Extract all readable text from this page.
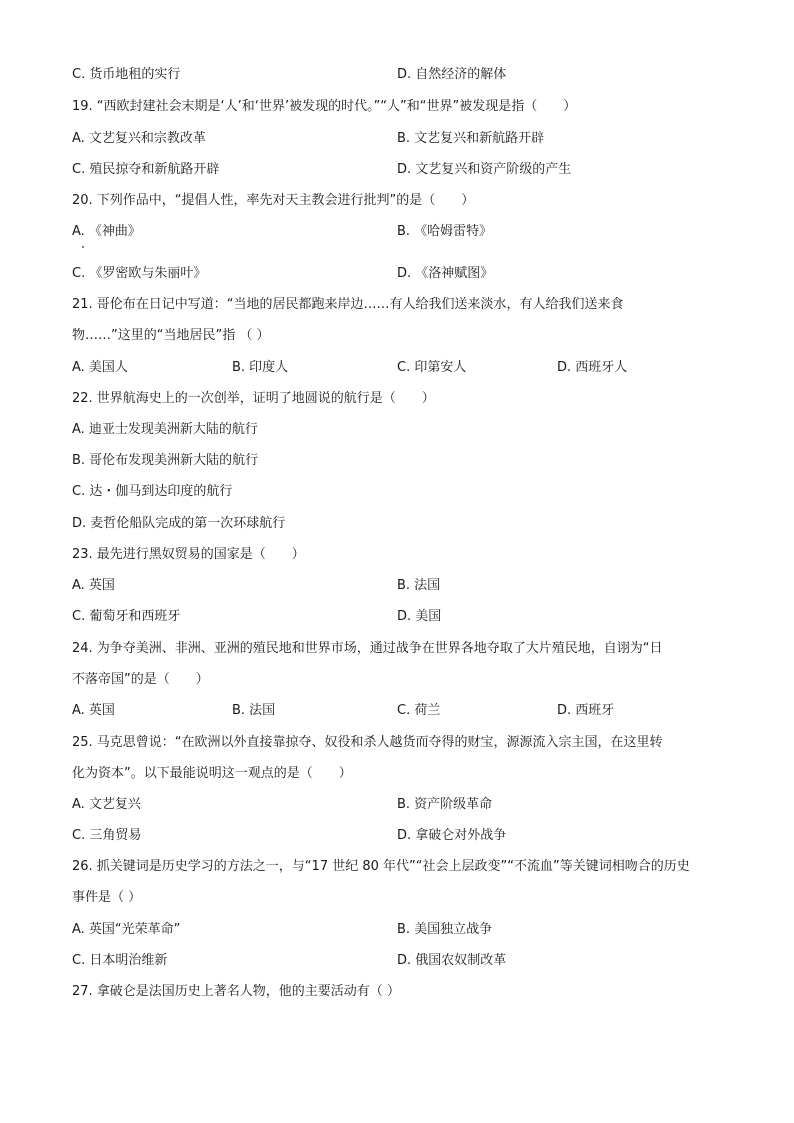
C. 货币地租的实行	D. 自然经济的解体
19. “西欧封建社会末期是‘人’和‘世界’被发现的时代。”“人”和“世界”被发现是指（　　）
A. 文艺复兴和宗教改革	B. 文艺复兴和新航路开辟
C. 殖民掠夺和新航路开辟	D. 文艺复兴和资产阶级的产生
20. 下列作品中，“提倡人性，率先对天主教会进行批判”的是（　　）
A. 《神曲》	B. 《哈姆雷特》
C. 《罗密欧与朱丽叶》	D. 《洛神赋图》
21. 哥伦布在日记中写道：“当地的居民都跑来岸边……有人给我们送来淡水，有人给我们送来食
物……”这里的“当地居民”指 （ ）
A. 美国人	B. 印度人	C. 印第安人	D. 西班牙人
22. 世界航海史上的一次创举，证明了地圆说的航行是（　　）
A. 迪亚士发现美洲新大陆的航行
B. 哥伦布发现美洲新大陆的航行
C. 达・伽马到达印度的航行
D. 麦哲伦船队完成的第一次环球航行
23. 最先进行黑奴贸易的国家是（　　）
A. 英国	B. 法国
C. 葡萄牙和西班牙	D. 美国
24. 为争夺美洲、非洲、亚洲的殖民地和世界市场，通过战争在世界各地夺取了大片殖民地，自诩为“日
不落帝国”的是（　　）
A. 英国	B. 法国	C. 荷兰	D. 西班牙
25. 马克思曾说：“在欧洲以外直接靠掠夺、奴役和杀人越货而夺得的财宝，源源流入宗主国，在这里转
化为资本”。以下最能说明这一观点的是（　　）
A. 文艺复兴	B. 资产阶级革命
C. 三角贸易	D. 拿破仑对外战争
26. 抓关键词是历史学习的方法之一，与“17 世纪 80 年代”“社会上层政变”“不流血”等关键词相吻合的历史
事件是（ ）
A. 英国“光荣革命”	B. 美国独立战争
C. 日本明治维新	D. 俄国农奴制改革
27. 拿破仑是法国历史上著名人物，他的主要活动有（ ）
